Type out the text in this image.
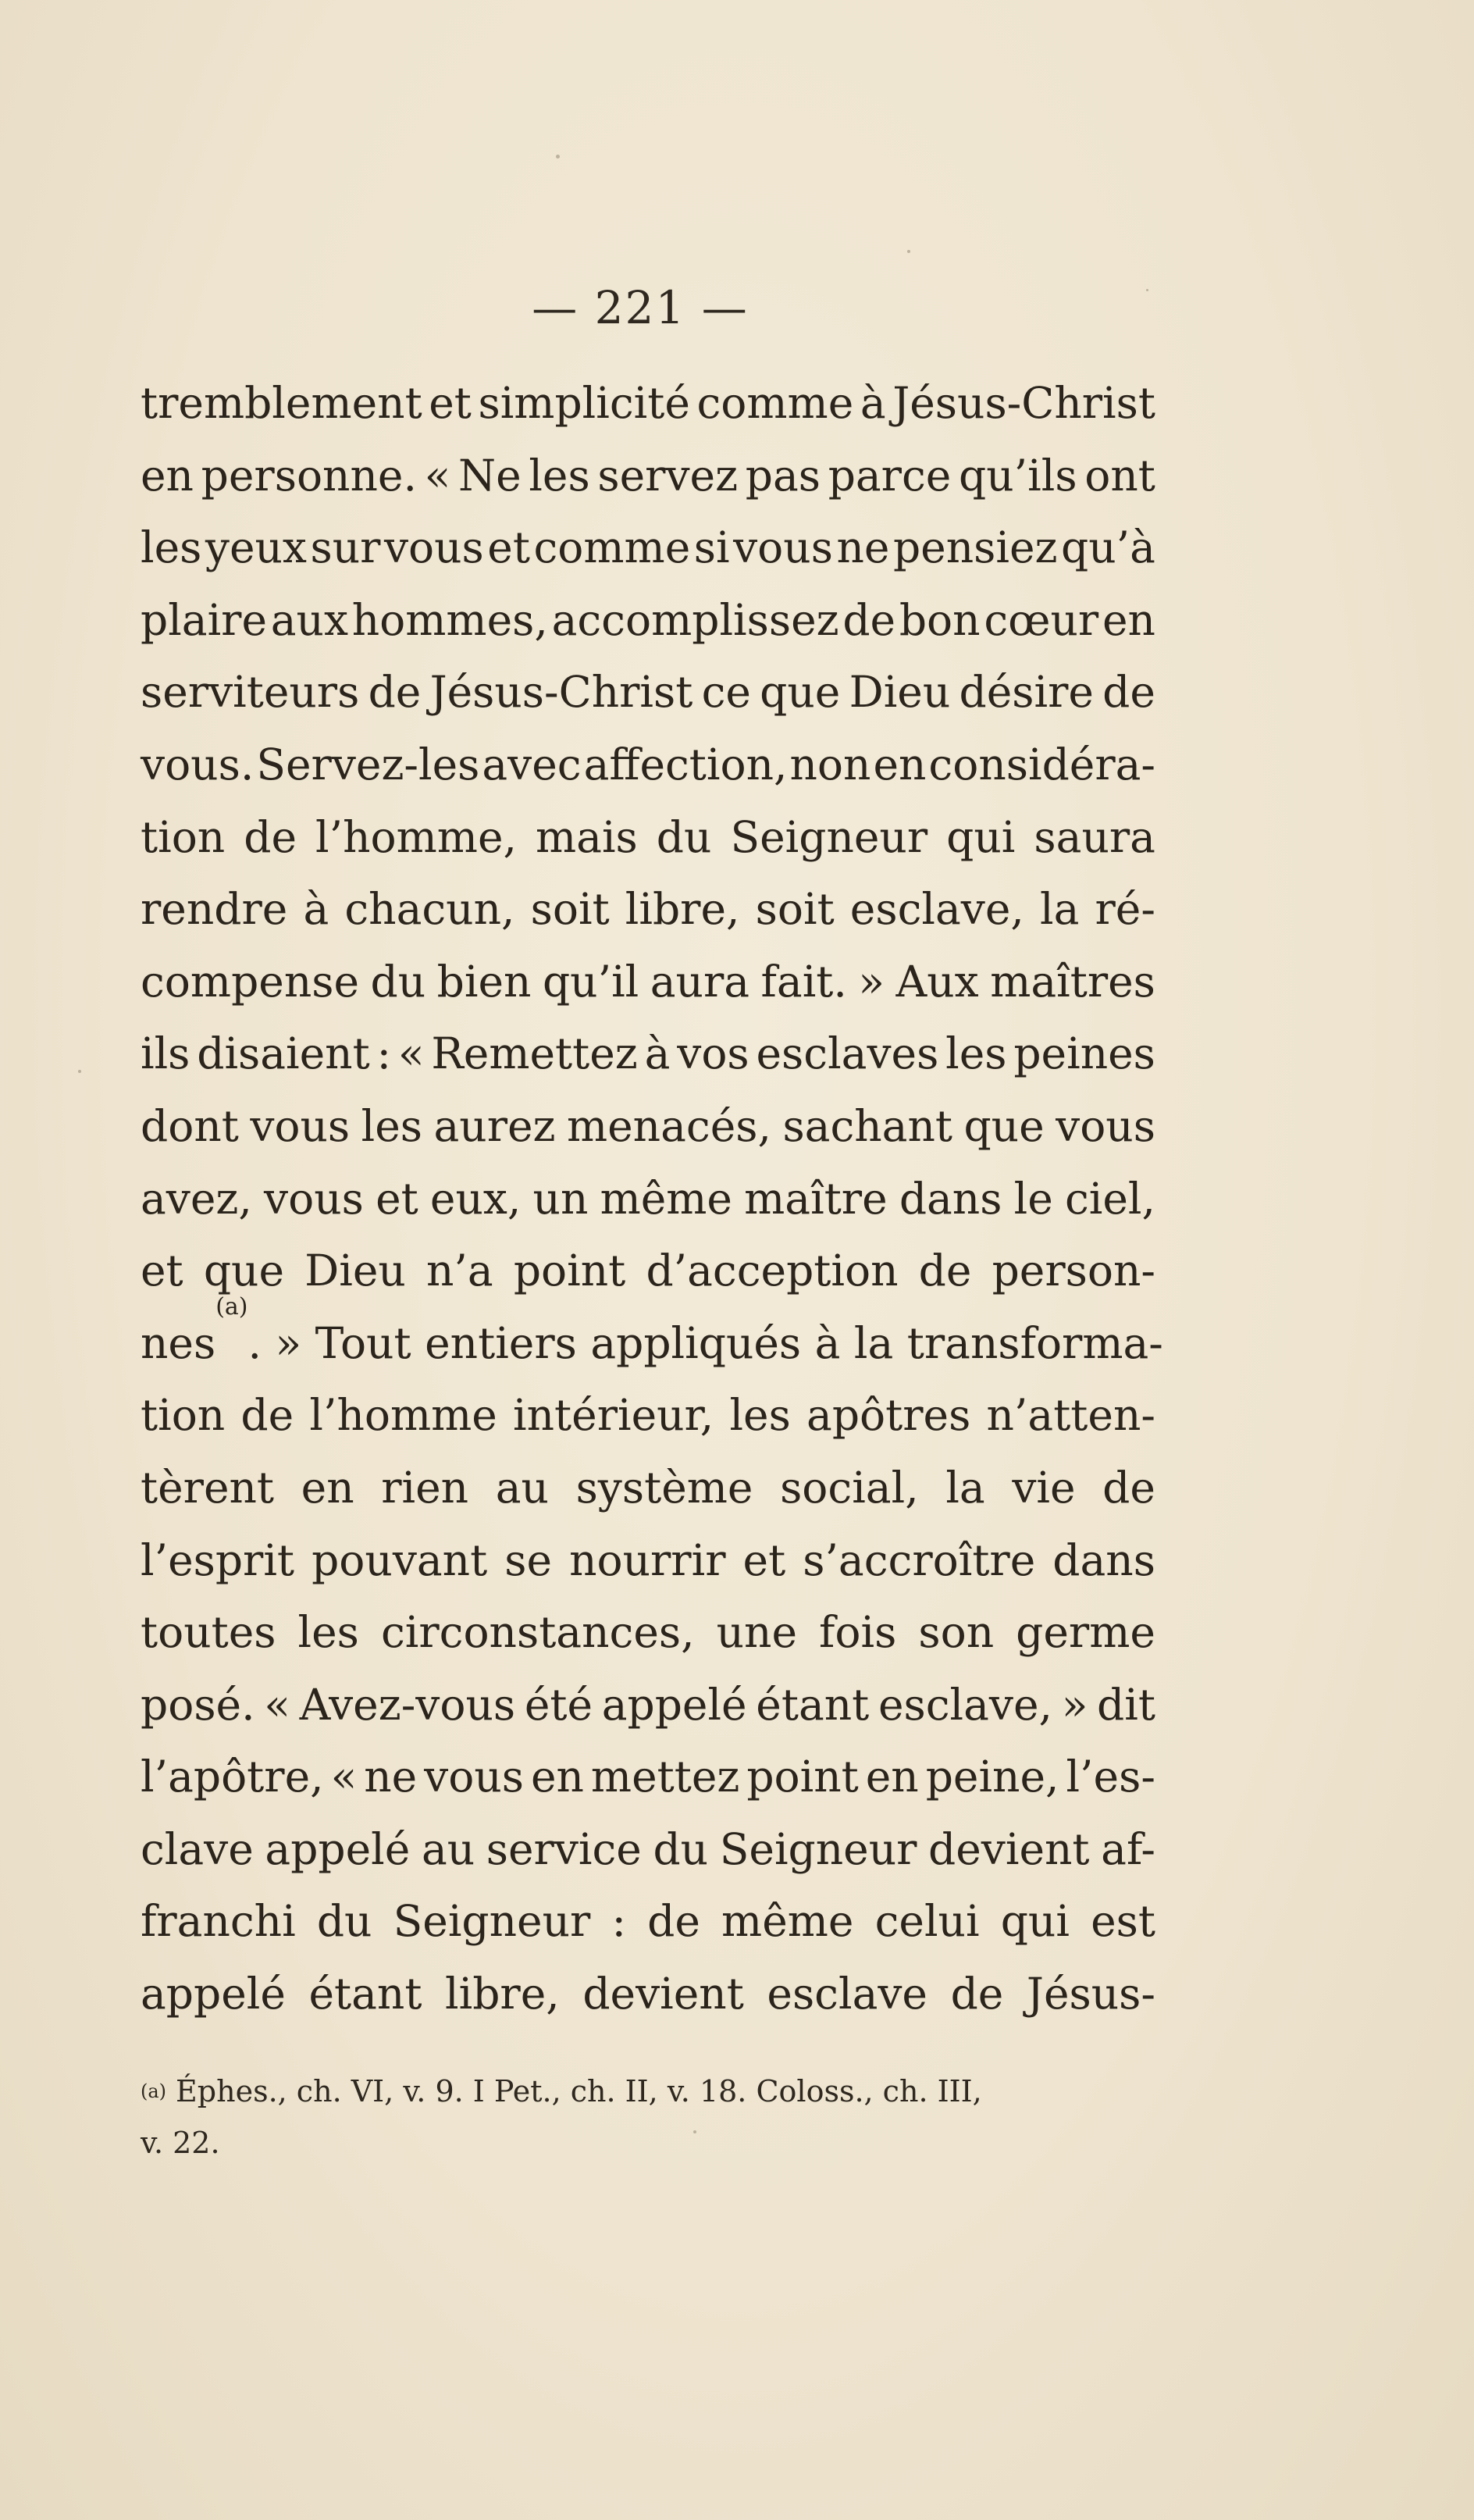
— 221 —
tremblement et simplicité comme à Jésus-Christ
en personne. « Ne les servez pas parce qu’ils ont
les yeux sur vous et comme si vous ne pensiez qu’à
plaire aux hommes, accomplissez de bon cœur en
serviteurs de Jésus-Christ ce que Dieu désire de
vous. Servez-les avec affection, non en considéra-
tion de l’homme, mais du Seigneur qui saura
rendre à chacun, soit libre, soit esclave, la ré-
compense du bien qu’il aura fait. » Aux maîtres
ils disaient : « Remettez à vos esclaves les peines
dont vous les aurez menacés, sachant que vous
avez, vous et eux, un même maître dans le ciel,
et que Dieu n’a point d’acception de person-
nes
(a)
. » Tout entiers appliqués à la transforma-
tion de l’homme intérieur, les apôtres n’atten-
tèrent en rien au système social, la vie de
l’esprit pouvant se nourrir et s’accroître dans
toutes les circonstances, une fois son germe
posé. « Avez-vous été appelé étant esclave, » dit
l’apôtre, « ne vous en mettez point en peine, l’es-
clave appelé au service du Seigneur devient af-
franchi du Seigneur : de même celui qui est
appelé étant libre, devient esclave de Jésus-
(a) Éphes., ch. VI, v. 9. I Pet., ch. II, v. 18. Coloss., ch. III,
v. 22.
